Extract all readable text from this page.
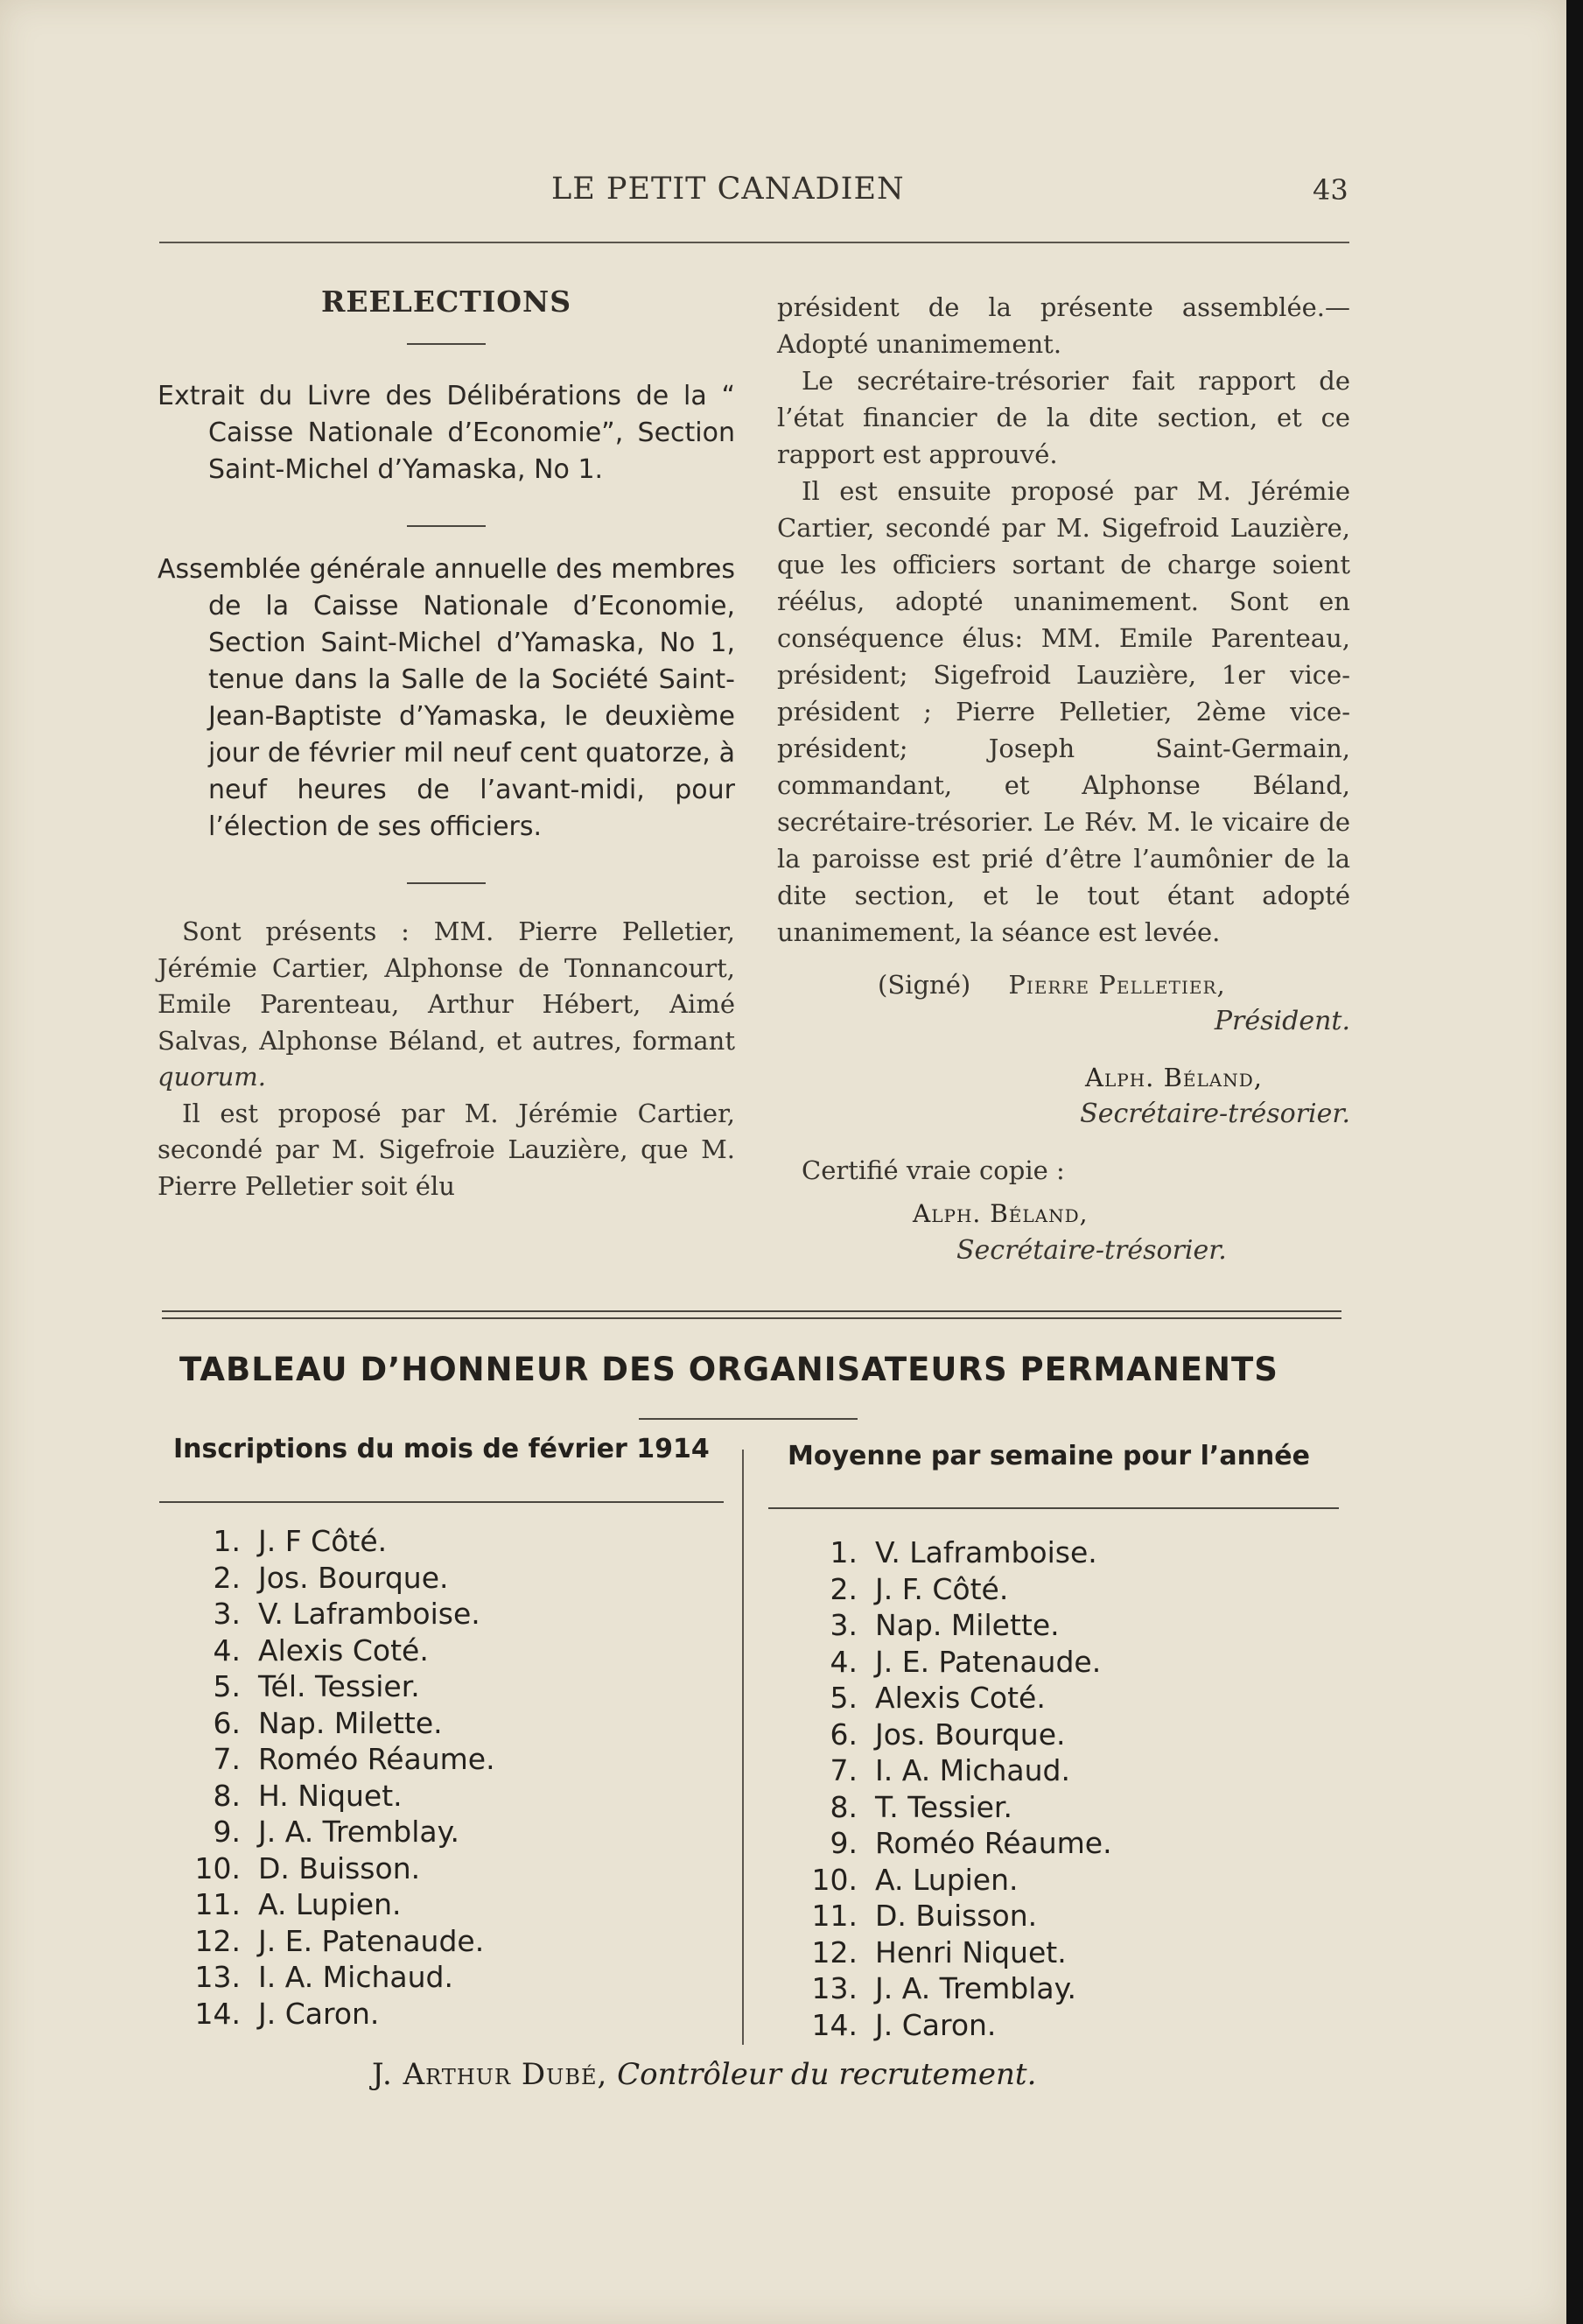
LE PETIT CANADIEN	43
REELECTIONS

Extrait du Livre des Délibérations de la “ Caisse Nationale d’Economie”, Section Saint-Michel d’Yamaska, No 1.

Assemblée générale annuelle des membres de la Caisse Nationale d’Economie, Section Saint-Michel d’Yamaska, No 1, tenue dans la Salle de la Société Saint-Jean-Baptiste d’Yamaska, le deuxième jour de février mil neuf cent quatorze, à neuf heures de l’avant-midi, pour l’élection de ses officiers.

Sont présents : MM. Pierre Pelletier, Jérémie Cartier, Alphonse de Tonnancourt, Emile Parenteau, Arthur Hébert, Aimé Salvas, Alphonse Béland, et autres, formant quorum.

Il est proposé par M. Jérémie Cartier, secondé par M. Sigefroie Lauzière, que M. Pierre Pelletier soit élu

président de la présente assemblée.—Adopté unanimement.

Le secrétaire-trésorier fait rapport de l’état financier de la dite section, et ce rapport est approuvé.

Il est ensuite proposé par M. Jérémie Cartier, secondé par M. Sigefroid Lauzière, que les officiers sortant de charge soient réélus, adopté unanimement. Sont en conséquence élus: MM. Emile Parenteau, président; Sigefroid Lauzière, 1er vice-président ; Pierre Pelletier, 2ème vice-président; Joseph Saint-Germain, commandant, et Alphonse Béland, secrétaire-trésorier. Le Rév. M. le vicaire de la paroisse est prié d’être l’aumônier de la dite section, et le tout étant adopté unanimement, la séance est levée.

(Signé) Pierre Pelletier,

Président.

Alph. Béland,

Secrétaire-trésorier.

Certifié vraie copie :

Alph. Béland,

Secrétaire-trésorier.

TABLEAU D’HONNEUR DES ORGANISATEURS PERMANENTS
Inscriptions du mois de février 1914	Moyenne par semaine pour l’année
1. J. F Côté.
2. Jos. Bourque.
3. V. Laframboise.
4. Alexis Coté.
5. Tél. Tessier.
6. Nap. Milette.
7. Roméo Réaume.
8. H. Niquet.
9. J. A. Tremblay.
10. D. Buisson.
11. A. Lupien.
12. J. E. Patenaude.
13. I. A. Michaud.
14. J. Caron.
1. V. Laframboise.
2. J. F. Côté.
3. Nap. Milette.
4. J. E. Patenaude.
5. Alexis Coté.
6. Jos. Bourque.
7. I. A. Michaud.
8. T. Tessier.
9. Roméo Réaume.
10. A. Lupien.
11. D. Buisson.
12. Henri Niquet.
13. J. A. Tremblay.
14. J. Caron.
J. Arthur Dubé, Contrôleur du recrutement.
